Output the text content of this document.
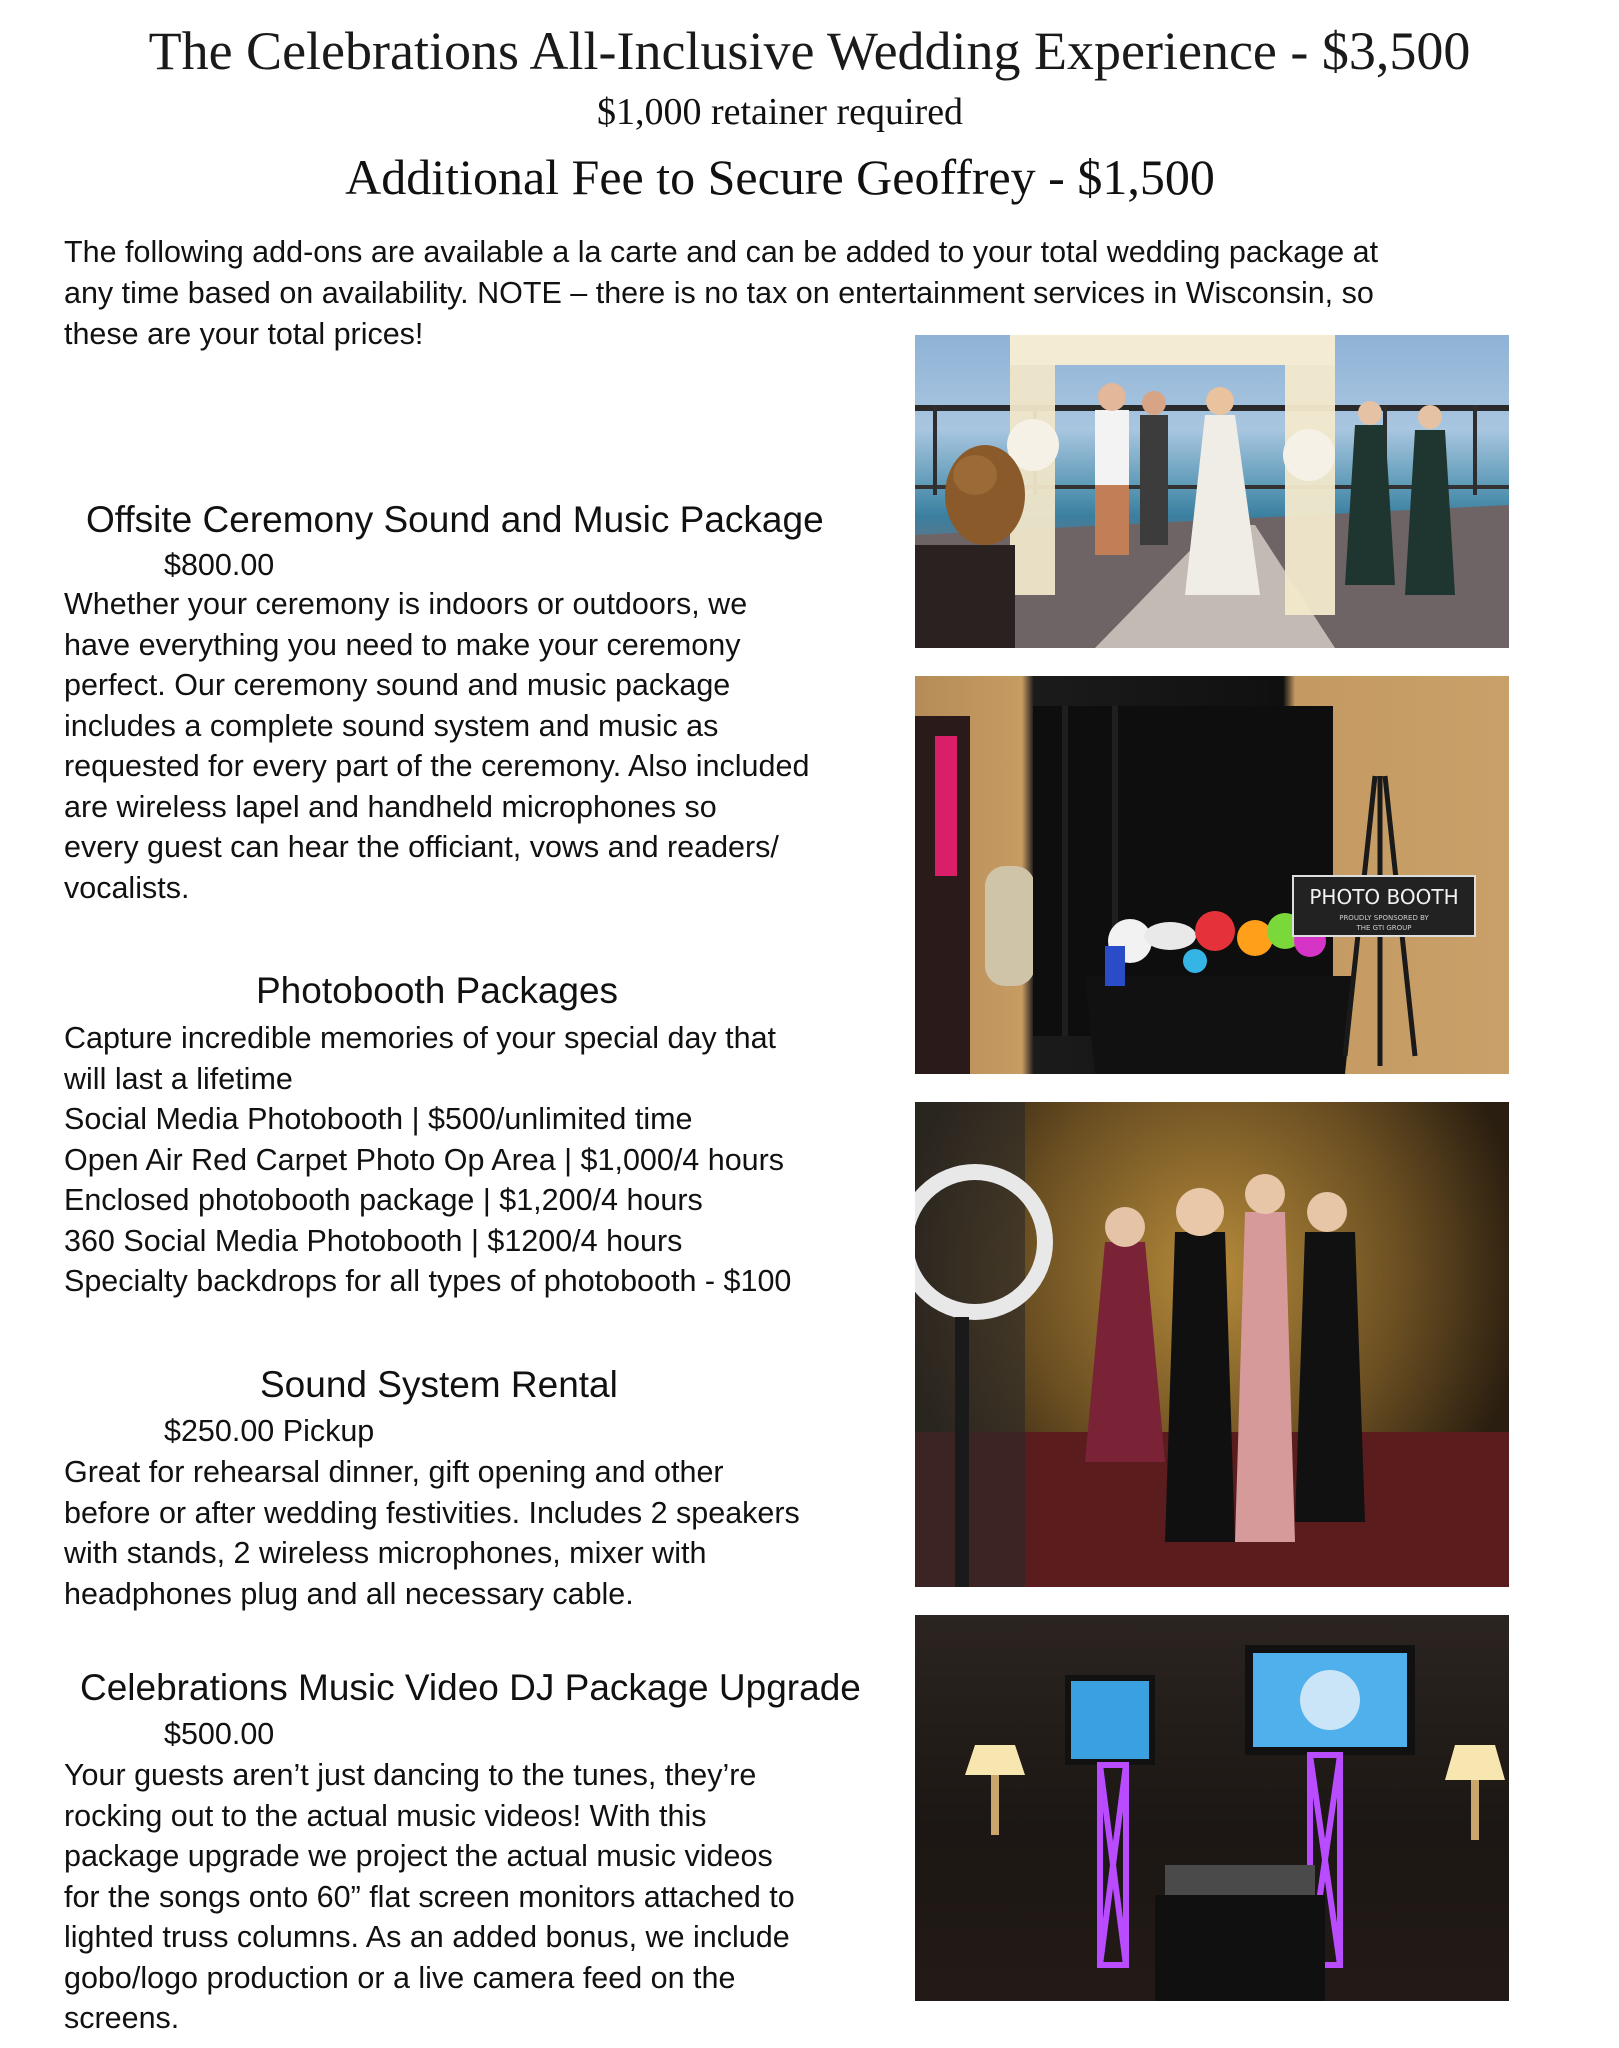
The Celebrations All-Inclusive Wedding Experience - $3,500
$1,000 retainer required
Additional Fee to Secure Geoffrey - $1,500
The following add-ons are available a la carte and can be added to your total wedding package at
any time based on availability. NOTE – there is no tax on entertainment services in Wisconsin, so
these are your total prices!
Offsite Ceremony Sound and Music Package
$800.00
Whether your ceremony is indoors or outdoors, we
have everything you need to make your ceremony
perfect. Our ceremony sound and music package
includes a complete sound system and music as
requested for every part of the ceremony. Also included
are wireless lapel and handheld microphones so
every guest can hear the officiant, vows and readers/
vocalists.
Photobooth Packages
Capture incredible memories of your special day that
will last a lifetime
Social Media Photobooth | $500/unlimited time
Open Air Red Carpet Photo Op Area | $1,000/4 hours
Enclosed photobooth package | $1,200/4 hours
360 Social Media Photobooth | $1200/4 hours
Specialty backdrops for all types of photobooth - $100
Sound System Rental
$250.00 Pickup
Great for rehearsal dinner, gift opening and other
before or after wedding festivities. Includes 2 speakers
with stands, 2 wireless microphones, mixer with
headphones plug and all necessary cable.
Celebrations Music Video DJ Package Upgrade
$500.00
Your guests aren’t just dancing to the tunes, they’re
rocking out to the actual music videos! With this
package upgrade we project the actual music videos
for the songs onto 60” flat screen monitors attached to
lighted truss columns. As an added bonus, we include
gobo/logo production or a live camera feed on the
screens.
PHOTO BOOTH
PROUDLY SPONSORED BY
THE GTI GROUP
